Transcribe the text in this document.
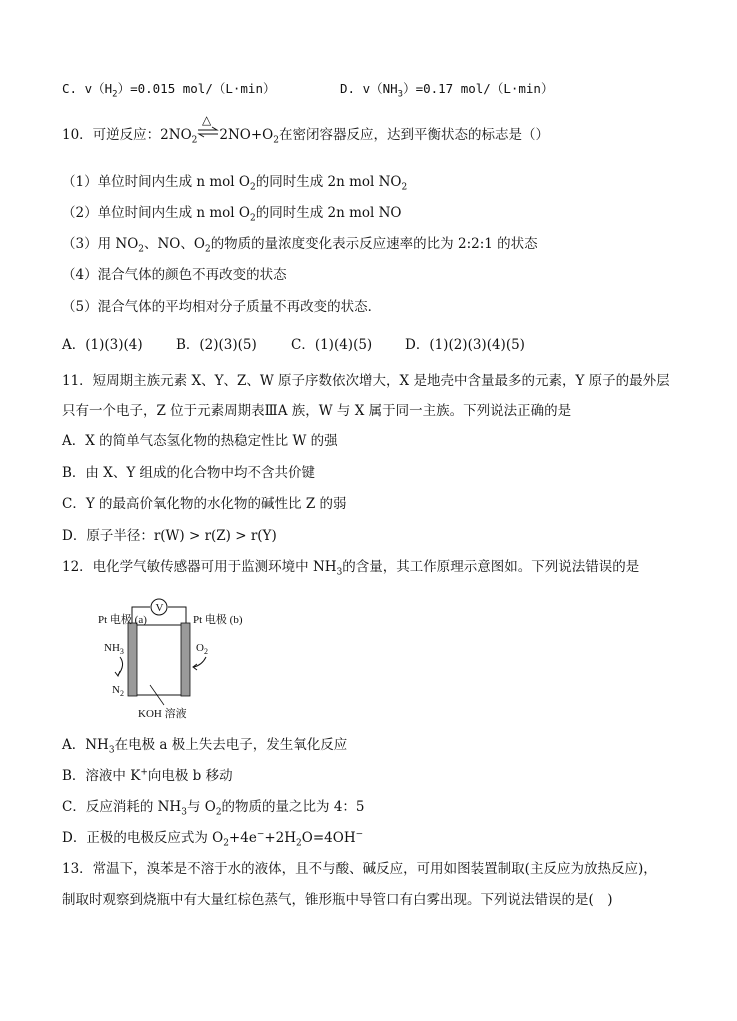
C. $v(H_2)=0.015$ mol/（L·min）	D. $v(NH_3)=0.17$ mol/（L·min）
10．可逆反应：$2NO_2$
△
$2NO+O_2$在密闭容器反应，达到平衡状态的标志是（）
（1）单位时间内生成 n mol $O_2$的同时生成 2n mol $NO_2$
（2）单位时间内生成 n mol $O_2$的同时生成 2n mol NO
（3）用 $NO_2$、NO、$O_2$的物质的量浓度变化表示反应速率的比为 2:2:1 的状态
（4）混合气体的颜色不再改变的状态
（5）混合气体的平均相对分子质量不再改变的状态．
A．(1)(3)(4) B．(2)(3)(5)	C．(1)(4)(5) D．(1)(2)(3)(4)(5)
11．短周期主族元素 X、Y、Z、W 原子序数依次增大，X 是地壳中含量最多的元素，Y 原子的最外层
只有一个电子，Z 位于元素周期表ⅢA 族，W 与 X 属于同一主族。下列说法正确的是
A．X 的简单气态氢化物的热稳定性比 W 的强
B．由 X、Y 组成的化合物中均不含共价键
C．Y 的最高价氧化物的水化物的碱性比 Z 的弱
D．原子半径：r(W) > r(Z) > r(Y)
12．电化学气敏传感器可用于监测环境中 $NH_3$的含量，其工作原理示意图如。下列说法错误的是
V
Pt 电极 (a)	Pt 电极 (b)
$NH_3$	$O_2$
$N_2$
KOH 溶液
A．$NH_3$在电极 a 极上失去电子，发生氧化反应
B．溶液中 K+向电极 b 移动
C．反应消耗的 $NH_3$与 $O_2$的物质的量之比为 4：5
D．正极的电极反应式为 $O_2+4e^-+2H_2O=4OH^-$
13．常温下，溴苯是不溶于水的液体，且不与酸、碱反应，可用如图装置制取(主反应为放热反应)，
制取时观察到烧瓶中有大量红棕色蒸气，锥形瓶中导管口有白雾出现。下列说法错误的是(　)
